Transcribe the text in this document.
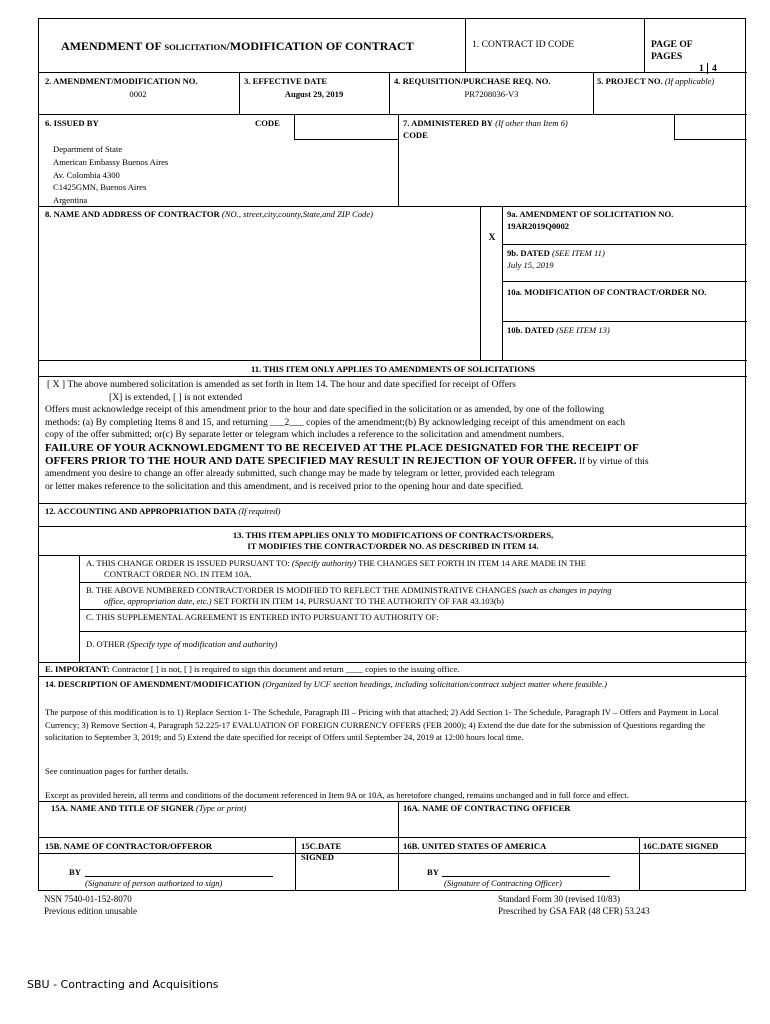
AMENDMENT OF SOLICITATION/MODIFICATION OF CONTRACT	1. CONTRACT ID CODE	PAGE OF
PAGES
1 4
2. AMENDMENT/MODIFICATION NO.
0002
3. EFFECTIVE DATE
August 29, 2019
4. REQUISITION/PURCHASE REQ. NO.
PR7208036-V3
5. PROJECT NO. (If applicable)
6. ISSUED BY	CODE	7. ADMINISTERED BY (If other than Item 6)
CODE
Department of State
American Embassy Buenos Aires
Av. Colombia 4300
C1425GMN, Buenos Aires
Argentina
8. NAME AND ADDRESS OF CONTRACTOR (NO., street,city,county,State,and ZIP Code)
X
9a. AMENDMENT OF SOLICITATION NO.
19AR2019Q0002
9b. DATED (SEE ITEM 11)
July 15, 2019
10a. MODIFICATION OF CONTRACT/ORDER NO.
10b. DATED (SEE ITEM 13)
11. THIS ITEM ONLY APPLIES TO AMENDMENTS OF SOLICITATIONS
[ X ] The above numbered solicitation is amended as set forth in Item 14. The hour and date specified for receipt of Offers
[X] is extended, [ ] is not extended
Offers must acknowledge receipt of this amendment prior to the hour and date specified in the solicitation or as amended, by one of the following
methods: (a) By completing Items 8 and 15, and returning ___2___ copies of the amendment;(b) By acknowledging receipt of this amendment on each
copy of the offer submitted; or(c) By separate letter or telegram which includes a reference to the solicitation and amendment numbers.
FAILURE OF YOUR ACKNOWLEDGMENT TO BE RECEIVED AT THE PLACE DESIGNATED FOR THE RECEIPT OF
OFFERS PRIOR TO THE HOUR AND DATE SPECIFIED MAY RESULT IN REJECTION OF YOUR OFFER. If by virtue of this
amendment you desire to change an offer already submitted, such change may be made by telegram or letter, provided each telegram
or letter makes reference to the solicitation and this amendment, and is received prior to the opening hour and date specified.
12. ACCOUNTING AND APPROPRIATION DATA (If required)
13. THIS ITEM APPLIES ONLY TO MODIFICATIONS OF CONTRACTS/ORDERS,
IT MODIFIES THE CONTRACT/ORDER NO. AS DESCRIBED IN ITEM 14.
A. THIS CHANGE ORDER IS ISSUED PURSUANT TO: (Specify authority) THE CHANGES SET FORTH IN ITEM 14 ARE MADE IN THE
CONTRACT ORDER NO. IN ITEM 10A.
B. THE ABOVE NUMBERED CONTRACT/ORDER IS MODIFIED TO REFLECT THE ADMINISTRATIVE CHANGES (such as changes in paying
office, appropriation date, etc.) SET FORTH IN ITEM 14, PURSUANT TO THE AUTHORITY OF FAR 43.103(b)
C. THIS SUPPLEMENTAL AGREEMENT IS ENTERED INTO PURSUANT TO AUTHORITY OF:
D. OTHER (Specify type of modification and authority)
E. IMPORTANT: Contractor [ ] is not, [ ] is required to sign this document and return ____ copies to the issuing office.
14. DESCRIPTION OF AMENDMENT/MODIFICATION (Organized by UCF section headings, including solicitation/contract subject matter where feasible.)
The purpose of this modification is to 1) Replace Section 1- The Schedule, Paragraph III – Pricing with that attached; 2) Add Section 1- The Schedule, Paragraph IV – Offers and Payment in Local Currency; 3) Remove Section 4, Paragraph 52.225-17 EVALUATION OF FOREIGN CURRENCY OFFERS (FEB 2000); 4) Extend the due date for the submission of Questions regarding the solicitation to September 3, 2019; and 5) Extend the date specified for receipt of Offers until September 24, 2019 at 12:00 hours local time.
See continuation pages for further details.
Except as provided herein, all terms and conditions of the document referenced in Item 9A or 10A, as heretofore changed, remains unchanged and in full force and effect.
15A. NAME AND TITLE OF SIGNER (Type or print)	16A. NAME OF CONTRACTING OFFICER
15B. NAME OF CONTRACTOR/OFFEROR	15C.DATE
SIGNED
16B. UNITED STATES OF AMERICA	16C.DATE SIGNED
BY
(Signature of person authorized to sign)
BY
(Signature of Contracting Officer)
NSN 7540-01-152-8070
Previous edition unusable
Standard Form 30 (revised 10/83)
Prescribed by GSA FAR (48 CFR) 53.243
SBU - Contracting and Acquisitions
